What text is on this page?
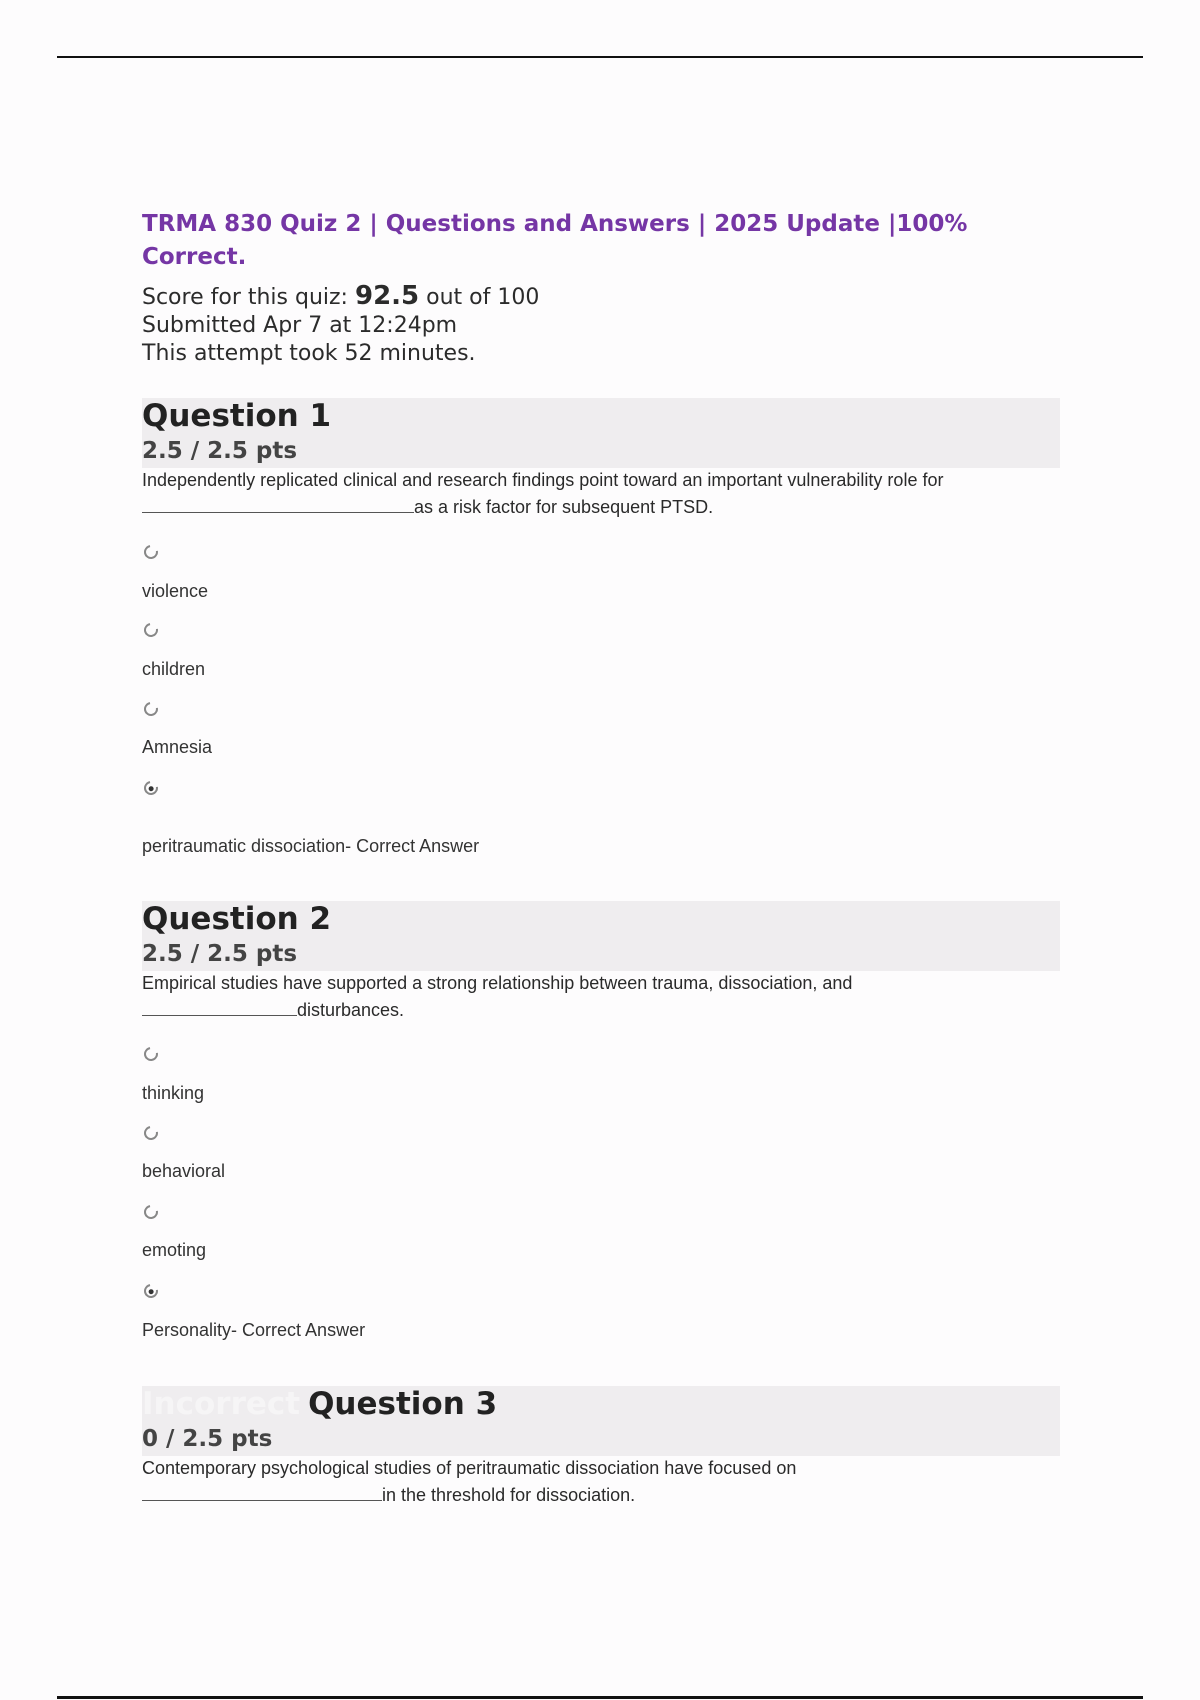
TRMA 830 Quiz 2 | Questions and Answers | 2025 Update |100% Correct.
Score for this quiz: 92.5 out of 100
Submitted Apr 7 at 12:24pm
This attempt took 52 minutes.
Question 1
2.5 / 2.5 pts
Independently replicated clinical and research findings point toward an important vulnerability role for
as a risk factor for subsequent PTSD.
violence
children
Amnesia
peritraumatic dissociation- Correct Answer
Question 2
2.5 / 2.5 pts
Empirical studies have supported a strong relationship between trauma, dissociation, and
disturbances.
thinking
behavioral
emoting
Personality- Correct Answer
Incorrect Question 3
0 / 2.5 pts
Contemporary psychological studies of peritraumatic dissociation have focused on
in the threshold for dissociation.
